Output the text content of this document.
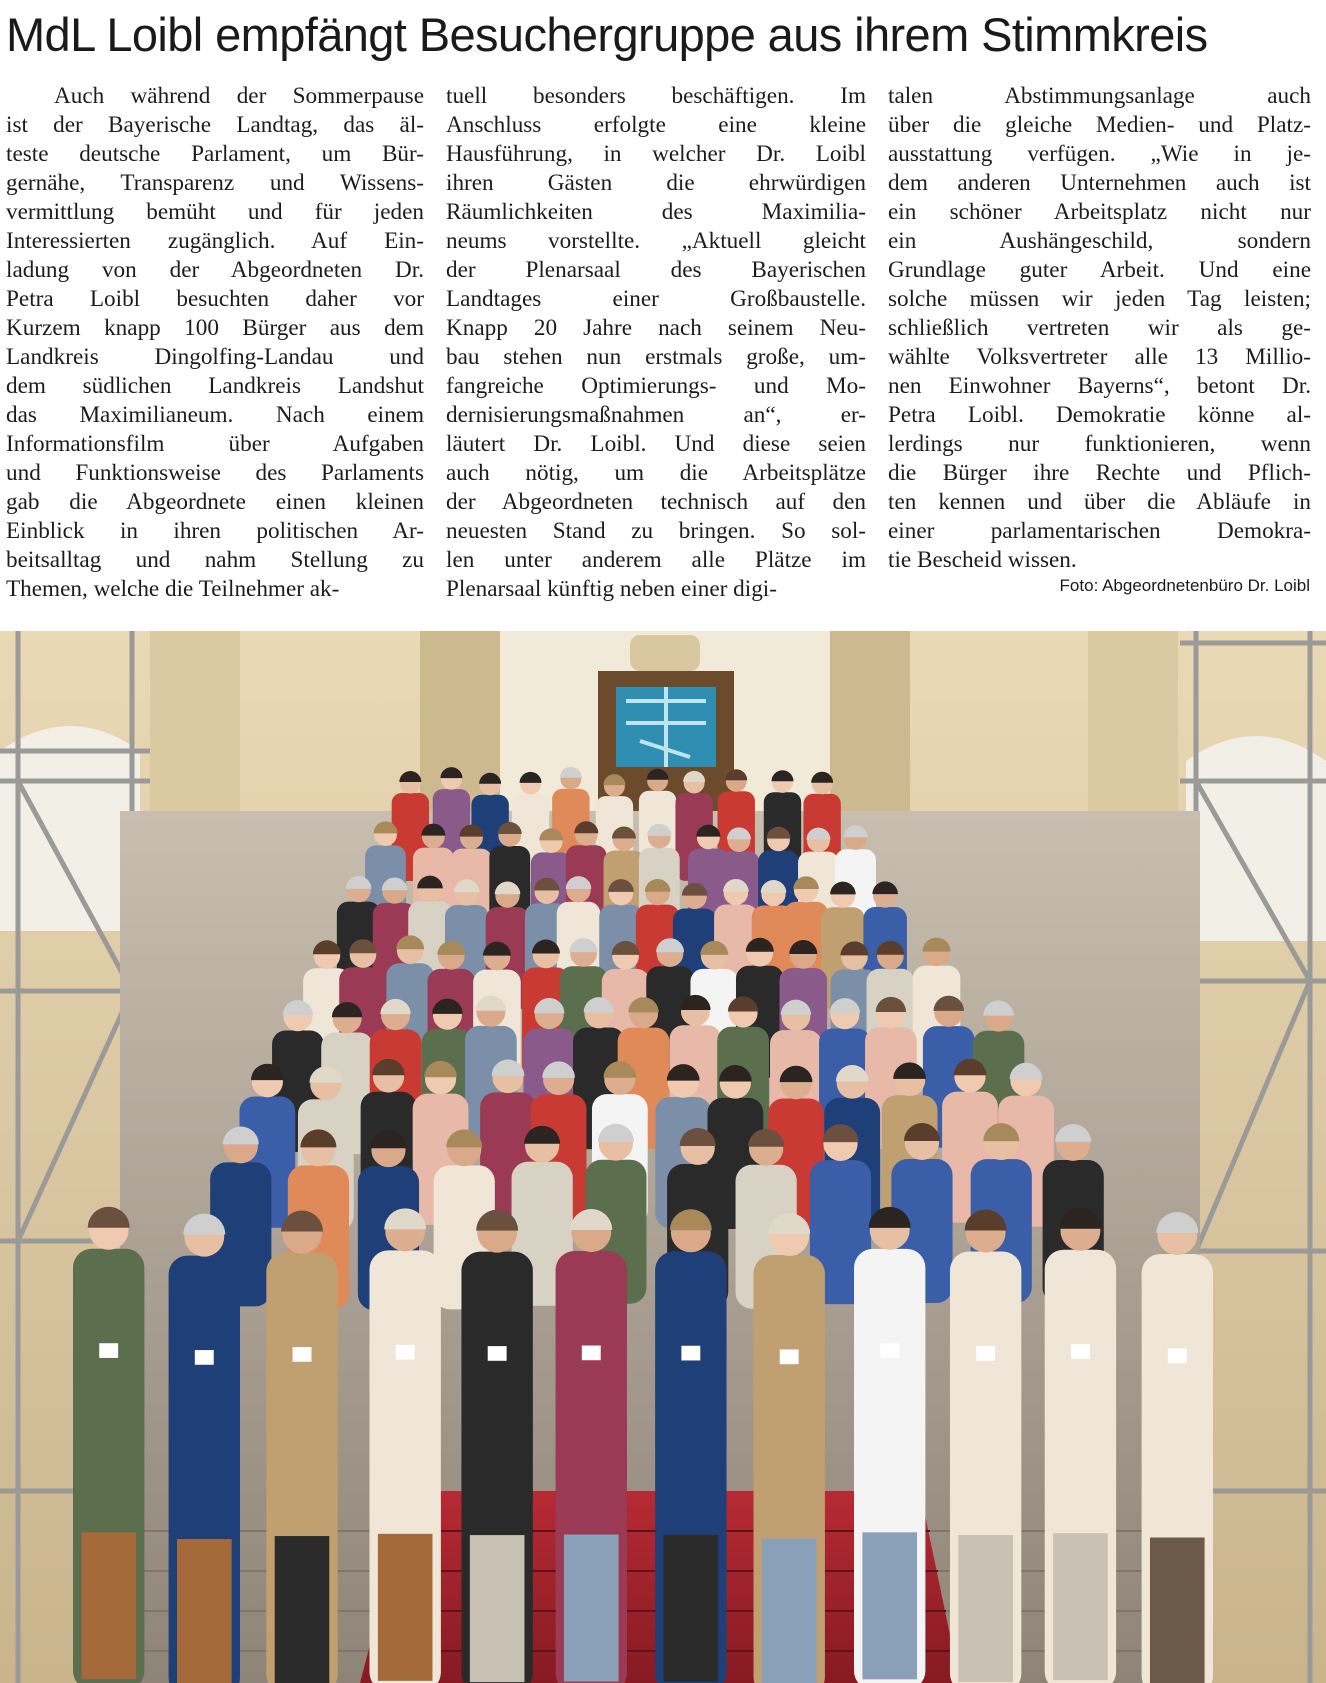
MdL Loibl empfängt Besuchergruppe aus ihrem Stimmkreis
Auch während der Sommerpause
ist der Bayerische Landtag, das äl-
teste deutsche Parlament, um Bür-
gernähe, Transparenz und Wissens-
vermittlung bemüht und für jeden
Interessierten zugänglich. Auf Ein-
ladung von der Abgeordneten Dr.
Petra Loibl besuchten daher vor
Kurzem knapp 100 Bürger aus dem
Landkreis Dingolfing-Landau und
dem südlichen Landkreis Landshut
das Maximilianeum. Nach einem
Informationsfilm über Aufgaben
und Funktionsweise des Parlaments
gab die Abgeordnete einen kleinen
Einblick in ihren politischen Ar-
beitsalltag und nahm Stellung zu
Themen, welche die Teilnehmer ak-
tuell besonders beschäftigen. Im
Anschluss erfolgte eine kleine
Hausführung, in welcher Dr. Loibl
ihren Gästen die ehrwürdigen
Räumlichkeiten des Maximilia-
neums vorstellte. „Aktuell gleicht
der Plenarsaal des Bayerischen
Landtages einer Großbaustelle.
Knapp 20 Jahre nach seinem Neu-
bau stehen nun erstmals große, um-
fangreiche Optimierungs- und Mo-
dernisierungsmaßnahmen an“, er-
läutert Dr. Loibl. Und diese seien
auch nötig, um die Arbeitsplätze
der Abgeordneten technisch auf den
neuesten Stand zu bringen. So sol-
len unter anderem alle Plätze im
Plenarsaal künftig neben einer digi-
talen Abstimmungsanlage auch
über die gleiche Medien- und Platz-
ausstattung verfügen. „Wie in je-
dem anderen Unternehmen auch ist
ein schöner Arbeitsplatz nicht nur
ein Aushängeschild, sondern
Grundlage guter Arbeit. Und eine
solche müssen wir jeden Tag leisten;
schließlich vertreten wir als ge-
wählte Volksvertreter alle 13 Millio-
nen Einwohner Bayerns“, betont Dr.
Petra Loibl. Demokratie könne al-
lerdings nur funktionieren, wenn
die Bürger ihre Rechte und Pflich-
ten kennen und über die Abläufe in
einer parlamentarischen Demokra-
tie Bescheid wissen.
Foto: Abgeordnetenbüro Dr. Loibl
